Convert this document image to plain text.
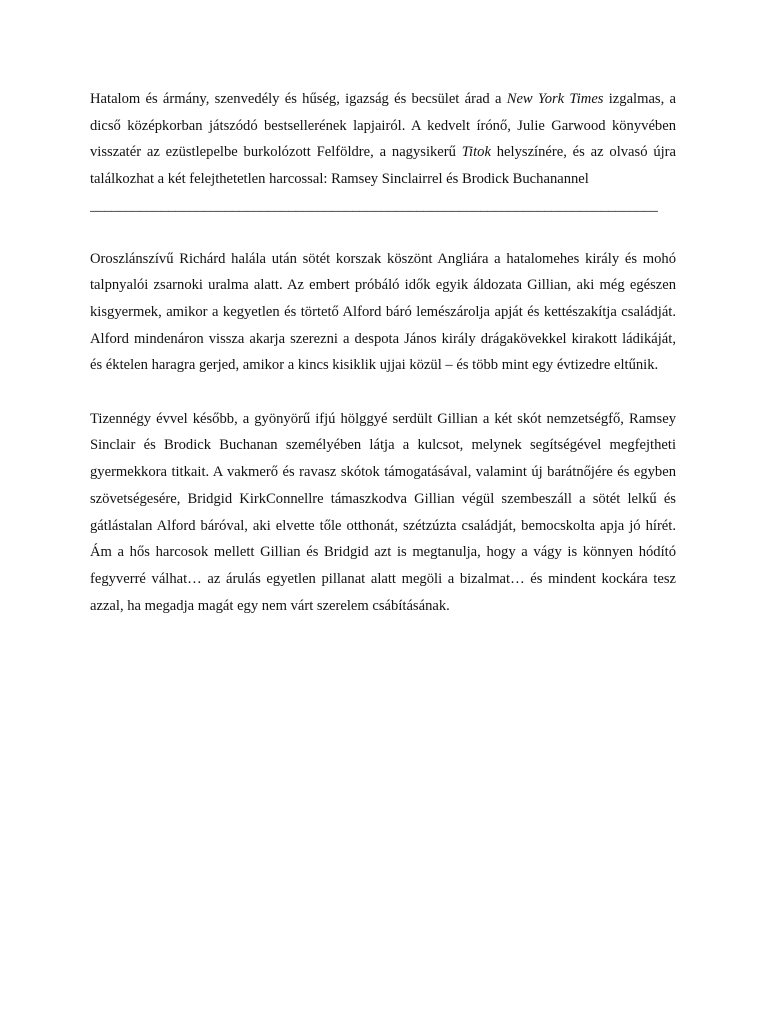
Hatalom és ármány, szenvedély és hűség, igazság és becsület árad a New York Times izgalmas, a dicső középkorban játszódó bestsellerének lapjairól. A kedvelt írónő, Julie Garwood könyvében visszatér az ezüstlepelbe burkolózott Felföldre, a nagysikerű Titok helyszínére, és az olvasó újra találkozhat a két felejthetetlen harcossal: Ramsey Sinclairrel és Brodick Buchanannel

________________________________________________________________________________

Oroszlánszívű Richárd halála után sötét korszak köszönt Angliára a hatalomehes király és mohó talpnyalói zsarnoki uralma alatt. Az embert próbáló idők egyik áldozata Gillian, aki még egészen kisgyermek, amikor a kegyetlen és törtető Alford báró lemészárolja apját és kettészakítja családját. Alford mindenáron vissza akarja szerezni a despota János király drágakövekkel kirakott ládikáját, és éktelen haragra gerjed, amikor a kincs kisiklik ujjai közül – és több mint egy évtizedre eltűnik.

Tizennégy évvel később, a gyönyörű ifjú hölggyé serdült Gillian a két skót nemzetségfő, Ramsey Sinclair és Brodick Buchanan személyében látja a kulcsot, melynek segítségével megfejtheti gyermekkora titkait. A vakmerő és ravasz skótok támogatásával, valamint új barátnőjére és egyben szövetségesére, Bridgid KirkConnellre támaszkodva Gillian végül szembeszáll a sötét lelkű és gátlástalan Alford báróval, aki elvette tőle otthonát, szétzúzta családját, bemocskolta apja jó hírét. Ám a hős harcosok mellett Gillian és Bridgid azt is megtanulja, hogy a vágy is könnyen hódító fegyverré válhat… az árulás egyetlen pillanat alatt megöli a bizalmat… és mindent kockára tesz azzal, ha megadja magát egy nem várt szerelem csábításának.
